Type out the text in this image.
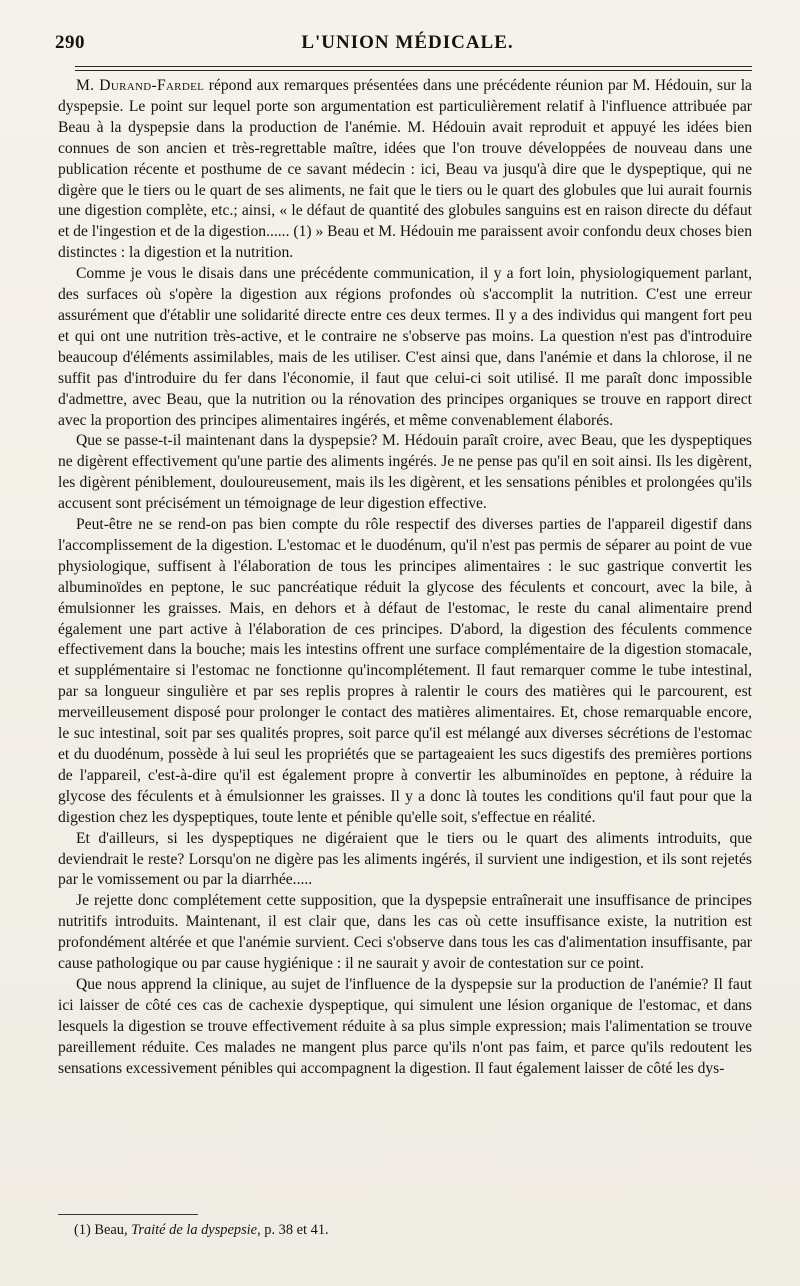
290	L'UNION MÉDICALE.

M. Durand-Fardel répond aux remarques présentées dans une précédente réunion par M. Hédouin, sur la dyspepsie. Le point sur lequel porte son argumentation est particulièrement relatif à l'influence attribuée par Beau à la dyspepsie dans la production de l'anémie. M. Hédouin avait reproduit et appuyé les idées bien connues de son ancien et très-regrettable maître, idées que l'on trouve développées de nouveau dans une publication récente et posthume de ce savant médecin : ici, Beau va jusqu'à dire que le dyspeptique, qui ne digère que le tiers ou le quart de ses aliments, ne fait que le tiers ou le quart des globules que lui aurait fournis une digestion complète, etc.; ainsi, « le défaut de quantité des globules sanguins est en raison directe du défaut et de l'ingestion et de la digestion...... (1) » Beau et M. Hédouin me paraissent avoir confondu deux choses bien distinctes : la digestion et la nutrition.

Comme je vous le disais dans une précédente communication, il y a fort loin, physiologiquement parlant, des surfaces où s'opère la digestion aux régions profondes où s'accomplit la nutrition. C'est une erreur assurément que d'établir une solidarité directe entre ces deux termes. Il y a des individus qui mangent fort peu et qui ont une nutrition très-active, et le contraire ne s'observe pas moins. La question n'est pas d'introduire beaucoup d'éléments assimilables, mais de les utiliser. C'est ainsi que, dans l'anémie et dans la chlorose, il ne suffit pas d'introduire du fer dans l'économie, il faut que celui-ci soit utilisé. Il me paraît donc impossible d'admettre, avec Beau, que la nutrition ou la rénovation des principes organiques se trouve en rapport direct avec la proportion des principes alimentaires ingérés, et même convenablement élaborés.

Que se passe-t-il maintenant dans la dyspepsie? M. Hédouin paraît croire, avec Beau, que les dyspeptiques ne digèrent effectivement qu'une partie des aliments ingérés. Je ne pense pas qu'il en soit ainsi. Ils les digèrent, les digèrent péniblement, douloureusement, mais ils les digèrent, et les sensations pénibles et prolongées qu'ils accusent sont précisément un témoignage de leur digestion effective.

Peut-être ne se rend-on pas bien compte du rôle respectif des diverses parties de l'appareil digestif dans l'accomplissement de la digestion. L'estomac et le duodénum, qu'il n'est pas permis de séparer au point de vue physiologique, suffisent à l'élaboration de tous les principes alimentaires : le suc gastrique convertit les albuminoïdes en peptone, le suc pancréatique réduit la glycose des féculents et concourt, avec la bile, à émulsionner les graisses. Mais, en dehors et à défaut de l'estomac, le reste du canal alimentaire prend également une part active à l'élaboration de ces principes. D'abord, la digestion des féculents commence effectivement dans la bouche; mais les intestins offrent une surface complémentaire de la digestion stomacale, et supplémentaire si l'estomac ne fonctionne qu'incomplétement. Il faut remarquer comme le tube intestinal, par sa longueur singulière et par ses replis propres à ralentir le cours des matières qui le parcourent, est merveilleusement disposé pour prolonger le contact des matières alimentaires. Et, chose remarquable encore, le suc intestinal, soit par ses qualités propres, soit parce qu'il est mélangé aux diverses sécrétions de l'estomac et du duodénum, possède à lui seul les propriétés que se partageaient les sucs digestifs des premières portions de l'appareil, c'est-à-dire qu'il est également propre à convertir les albuminoïdes en peptone, à réduire la glycose des féculents et à émulsionner les graisses. Il y a donc là toutes les conditions qu'il faut pour que la digestion chez les dyspeptiques, toute lente et pénible qu'elle soit, s'effectue en réalité.

Et d'ailleurs, si les dyspeptiques ne digéraient que le tiers ou le quart des aliments introduits, que deviendrait le reste? Lorsqu'on ne digère pas les aliments ingérés, il survient une indigestion, et ils sont rejetés par le vomissement ou par la diarrhée.....

Je rejette donc complétement cette supposition, que la dyspepsie entraînerait une insuffisance de principes nutritifs introduits. Maintenant, il est clair que, dans les cas où cette insuffisance existe, la nutrition est profondément altérée et que l'anémie survient. Ceci s'observe dans tous les cas d'alimentation insuffisante, par cause pathologique ou par cause hygiénique : il ne saurait y avoir de contestation sur ce point.

Que nous apprend la clinique, au sujet de l'influence de la dyspepsie sur la production de l'anémie? Il faut ici laisser de côté ces cas de cachexie dyspeptique, qui simulent une lésion organique de l'estomac, et dans lesquels la digestion se trouve effectivement réduite à sa plus simple expression; mais l'alimentation se trouve pareillement réduite. Ces malades ne mangent plus parce qu'ils n'ont pas faim, et parce qu'ils redoutent les sensations excessivement pénibles qui accompagnent la digestion. Il faut également laisser de côté les dys-

(1) Beau, Traité de la dyspepsie, p. 38 et 41.
